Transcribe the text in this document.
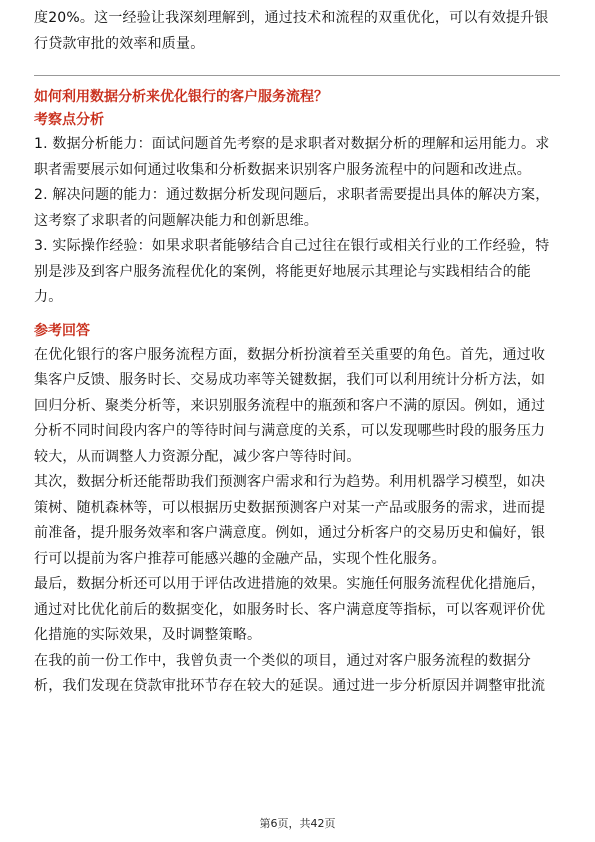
度20%。这一经验让我深刻理解到，通过技术和流程的双重优化，可以有效提升银

行贷款审批的效率和质量。

如何利用数据分析来优化银行的客户服务流程？

考察点分析

1. 数据分析能力：面试问题首先考察的是求职者对数据分析的理解和运用能力。求

职者需要展示如何通过收集和分析数据来识别客户服务流程中的问题和改进点。

2. 解决问题的能力：通过数据分析发现问题后，求职者需要提出具体的解决方案，

这考察了求职者的问题解决能力和创新思维。

3. 实际操作经验：如果求职者能够结合自己过往在银行或相关行业的工作经验，特

别是涉及到客户服务流程优化的案例，将能更好地展示其理论与实践相结合的能

力。

参考回答

在优化银行的客户服务流程方面，数据分析扮演着至关重要的角色。首先，通过收

集客户反馈、服务时长、交易成功率等关键数据，我们可以利用统计分析方法，如

回归分析、聚类分析等，来识别服务流程中的瓶颈和客户不满的原因。例如，通过

分析不同时间段内客户的等待时间与满意度的关系，可以发现哪些时段的服务压力

较大，从而调整人力资源分配，减少客户等待时间。

其次，数据分析还能帮助我们预测客户需求和行为趋势。利用机器学习模型，如决

策树、随机森林等，可以根据历史数据预测客户对某一产品或服务的需求，进而提

前准备，提升服务效率和客户满意度。例如，通过分析客户的交易历史和偏好，银

行可以提前为客户推荐可能感兴趣的金融产品，实现个性化服务。

最后，数据分析还可以用于评估改进措施的效果。实施任何服务流程优化措施后，

通过对比优化前后的数据变化，如服务时长、客户满意度等指标，可以客观评价优

化措施的实际效果，及时调整策略。

在我的前一份工作中，我曾负责一个类似的项目，通过对客户服务流程的数据分

析，我们发现在贷款审批环节存在较大的延误。通过进一步分析原因并调整审批流

第6页，共42页
